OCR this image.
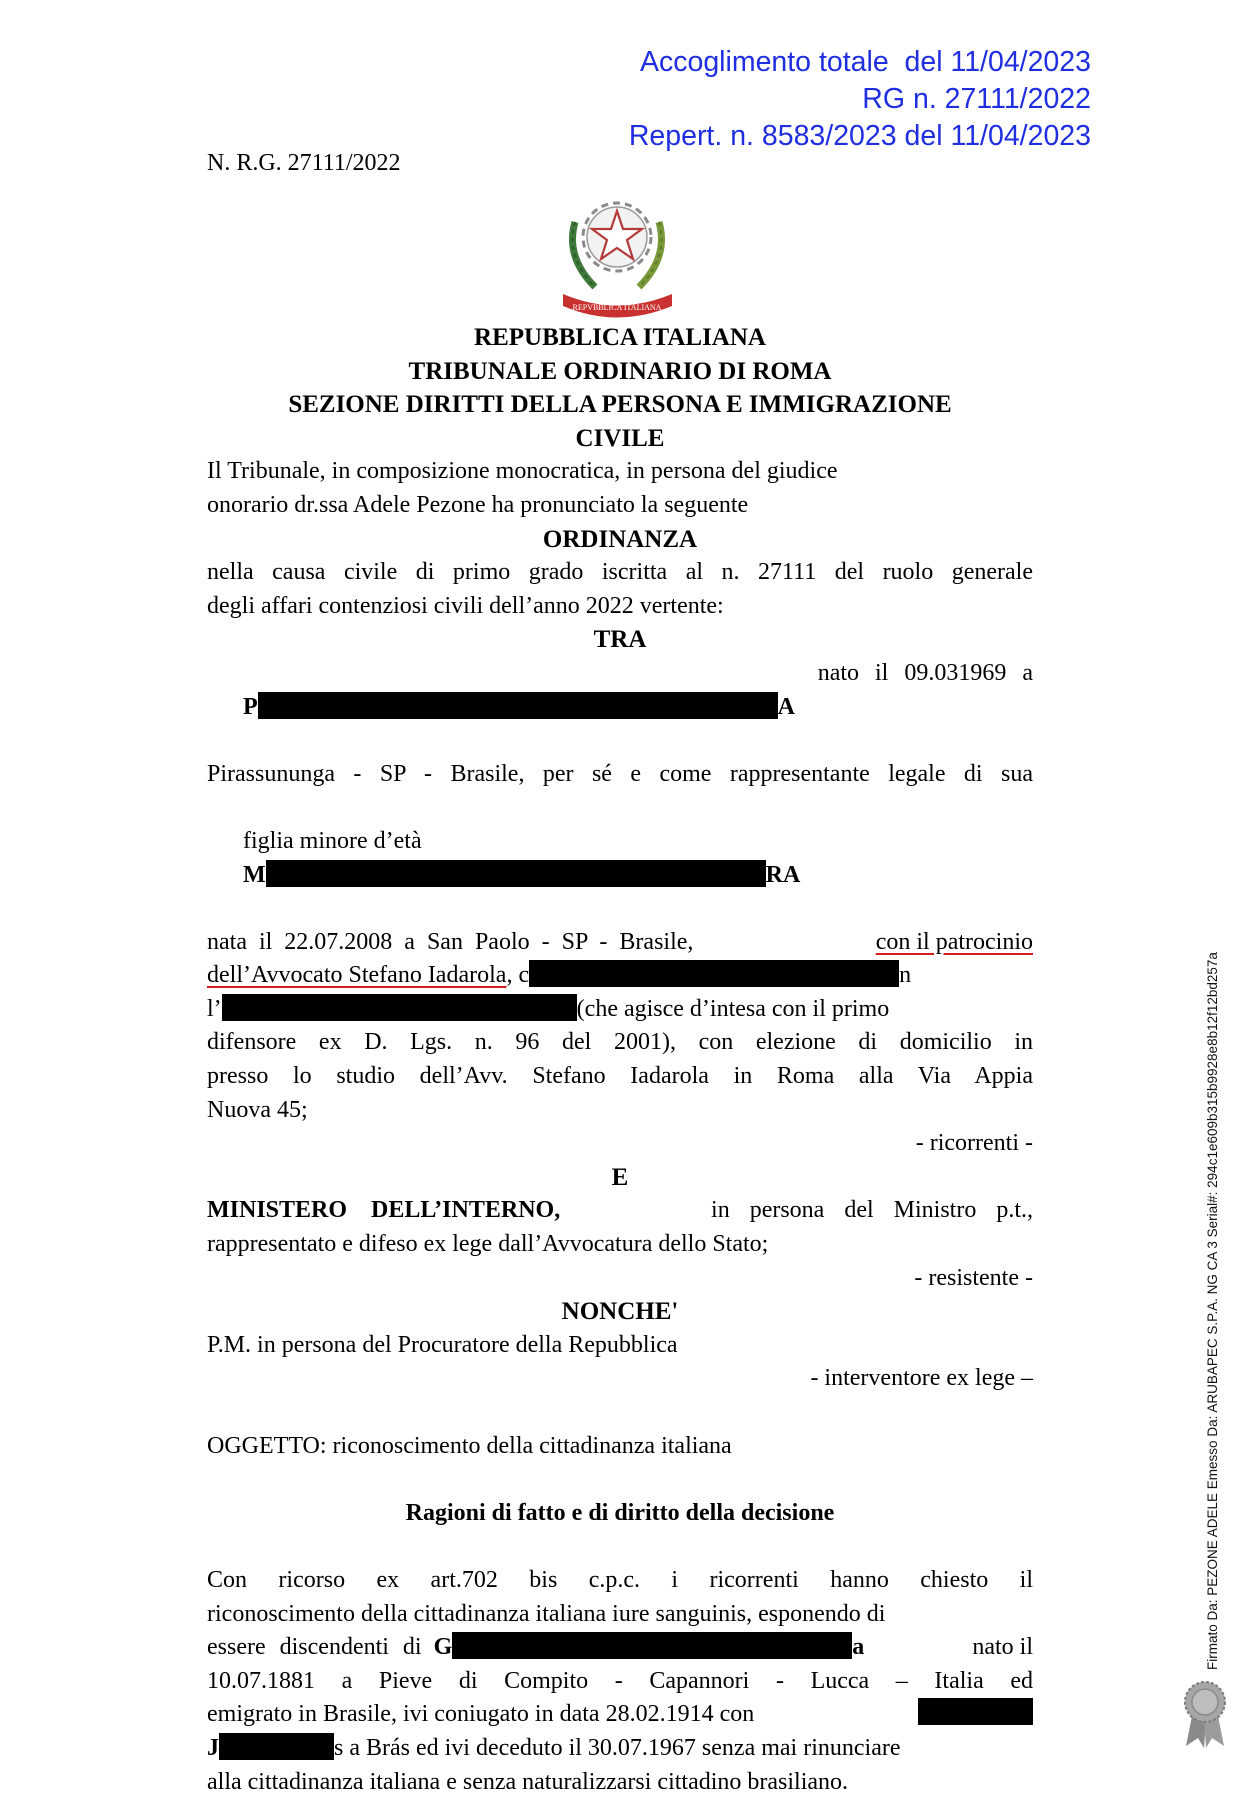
Accoglimento totale  del 11/04/2023
RG n. 27111/2022
Repert. n. 8583/2023 del 11/04/2023
N. R.G. 27111/2022
REPVBBLICA ITALIANA
REPUBBLICA ITALIANA
TRIBUNALE ORDINARIO DI ROMA
SEZIONE DIRITTI DELLA PERSONA E IMMIGRAZIONE
CIVILE
Il Tribunale, in composizione monocratica, in persona del giudice
onorario dr.ssa Adele Pezone ha pronunciato la seguente
ORDINANZA
nella causa civile di primo grado iscritta al n. 27111 del ruolo generale
degli affari contenziosi civili dell’anno 2022 vertente:
TRA

P	A

nato il 09.031969 a
Pirassununga - SP - Brasile, per sé e come rappresentante legale di sua

figlia minore d’età
M	RA

nata il 22.07.2008 a San Paolo - SP - Brasile,	con il patrocinio
dell’Avvocato Stefano Iadarola, c	n
l’	(che agisce d’intesa con il primo
difensore ex D. Lgs. n. 96 del 2001), con elezione di domicilio in
presso lo studio dell’Avv. Stefano Iadarola in Roma alla Via Appia
Nuova 45;
- ricorrenti -
E
MINISTERO DELL’INTERNO,	in persona del Ministro p.t.,
rappresentato e difeso ex lege dall’Avvocatura dello Stato;
- resistente -
NONCHE'
P.M. in persona del Procuratore della Repubblica
- interventore ex lege –
OGGETTO: riconoscimento della cittadinanza italiana
Ragioni di fatto e di diritto della decisione
Con ricorso ex art.702 bis c.p.c. i ricorrenti hanno chiesto il
riconoscimento della cittadinanza italiana iure sanguinis, esponendo di
essere discendenti di G	a	nato il
10.07.1881 a Pieve di Compito - Capannori - Lucca – Italia ed
emigrato in Brasile, ivi coniugato in data 28.02.1914 con
J	s a Brás ed ivi deceduto il 30.07.1967 senza mai rinunciare
alla cittadinanza italiana e senza naturalizzarsi cittadino brasiliano.
Firmato Da: PEZONE ADELE Emesso Da: ARUBAPEC S.P.A. NG CA 3 Serial#: 294c1e609b315b9928e8b12f12bd257a
